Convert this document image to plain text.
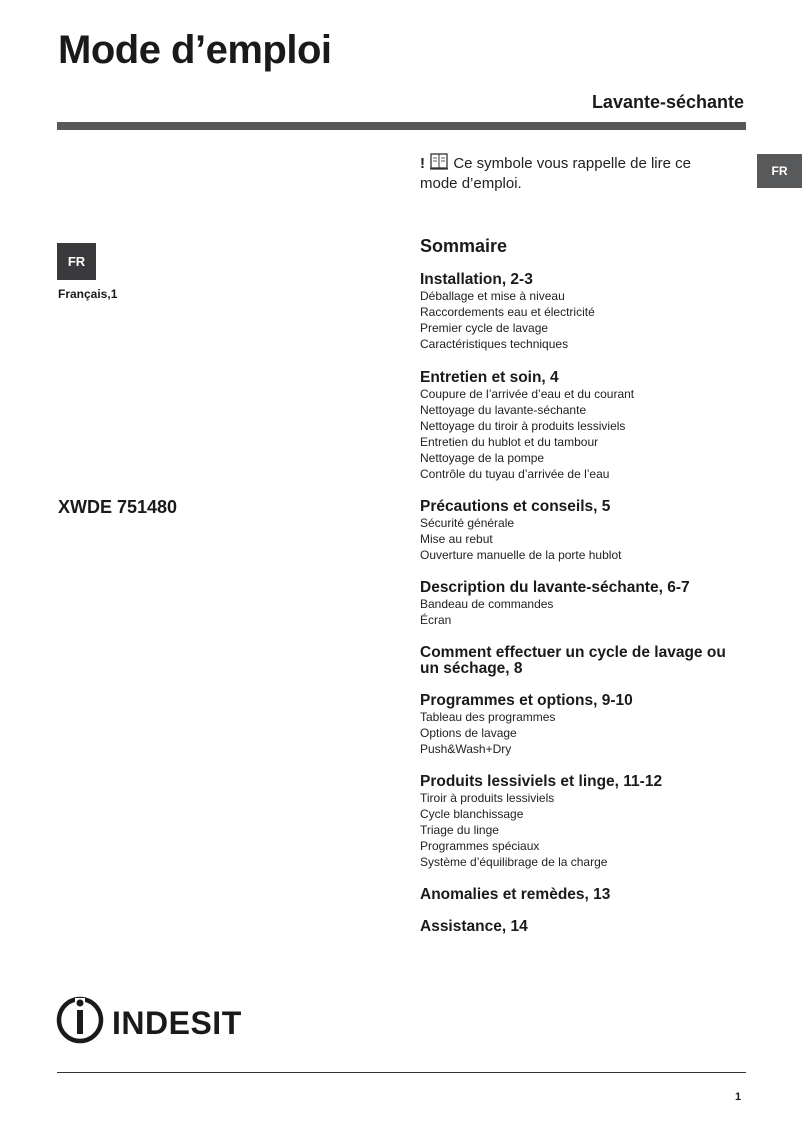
Mode d’emploi
Lavante-séchante
FR
! Ce symbole vous rappelle de lire ce mode d’emploi.
FR
Français,1
XWDE 751480
Sommaire
Installation, 2-3
Déballage et mise à niveau
Raccordements eau et électricité
Premier cycle de lavage
Caractéristiques techniques
Entretien et soin, 4
Coupure de l’arrivée d’eau et du courant
Nettoyage du lavante-séchante
Nettoyage du tiroir à produits lessiviels
Entretien du hublot et du tambour
Nettoyage de la pompe
Contrôle du tuyau d’arrivée de l’eau
Précautions et conseils, 5
Sécurité générale
Mise au rebut
Ouverture manuelle de la porte hublot
Description du lavante-séchante, 6-7
Bandeau de commandes
Écran
Comment effectuer un cycle de lavage ou un séchage, 8
Programmes et options, 9-10
Tableau des programmes
Options de lavage
Push&Wash+Dry
Produits lessiviels et linge, 11-12
Tiroir à produits lessiviels
Cycle blanchissage
Triage du linge
Programmes spéciaux
Système d’équilibrage de la charge
Anomalies et remèdes, 13
Assistance, 14
INDESIT
1
